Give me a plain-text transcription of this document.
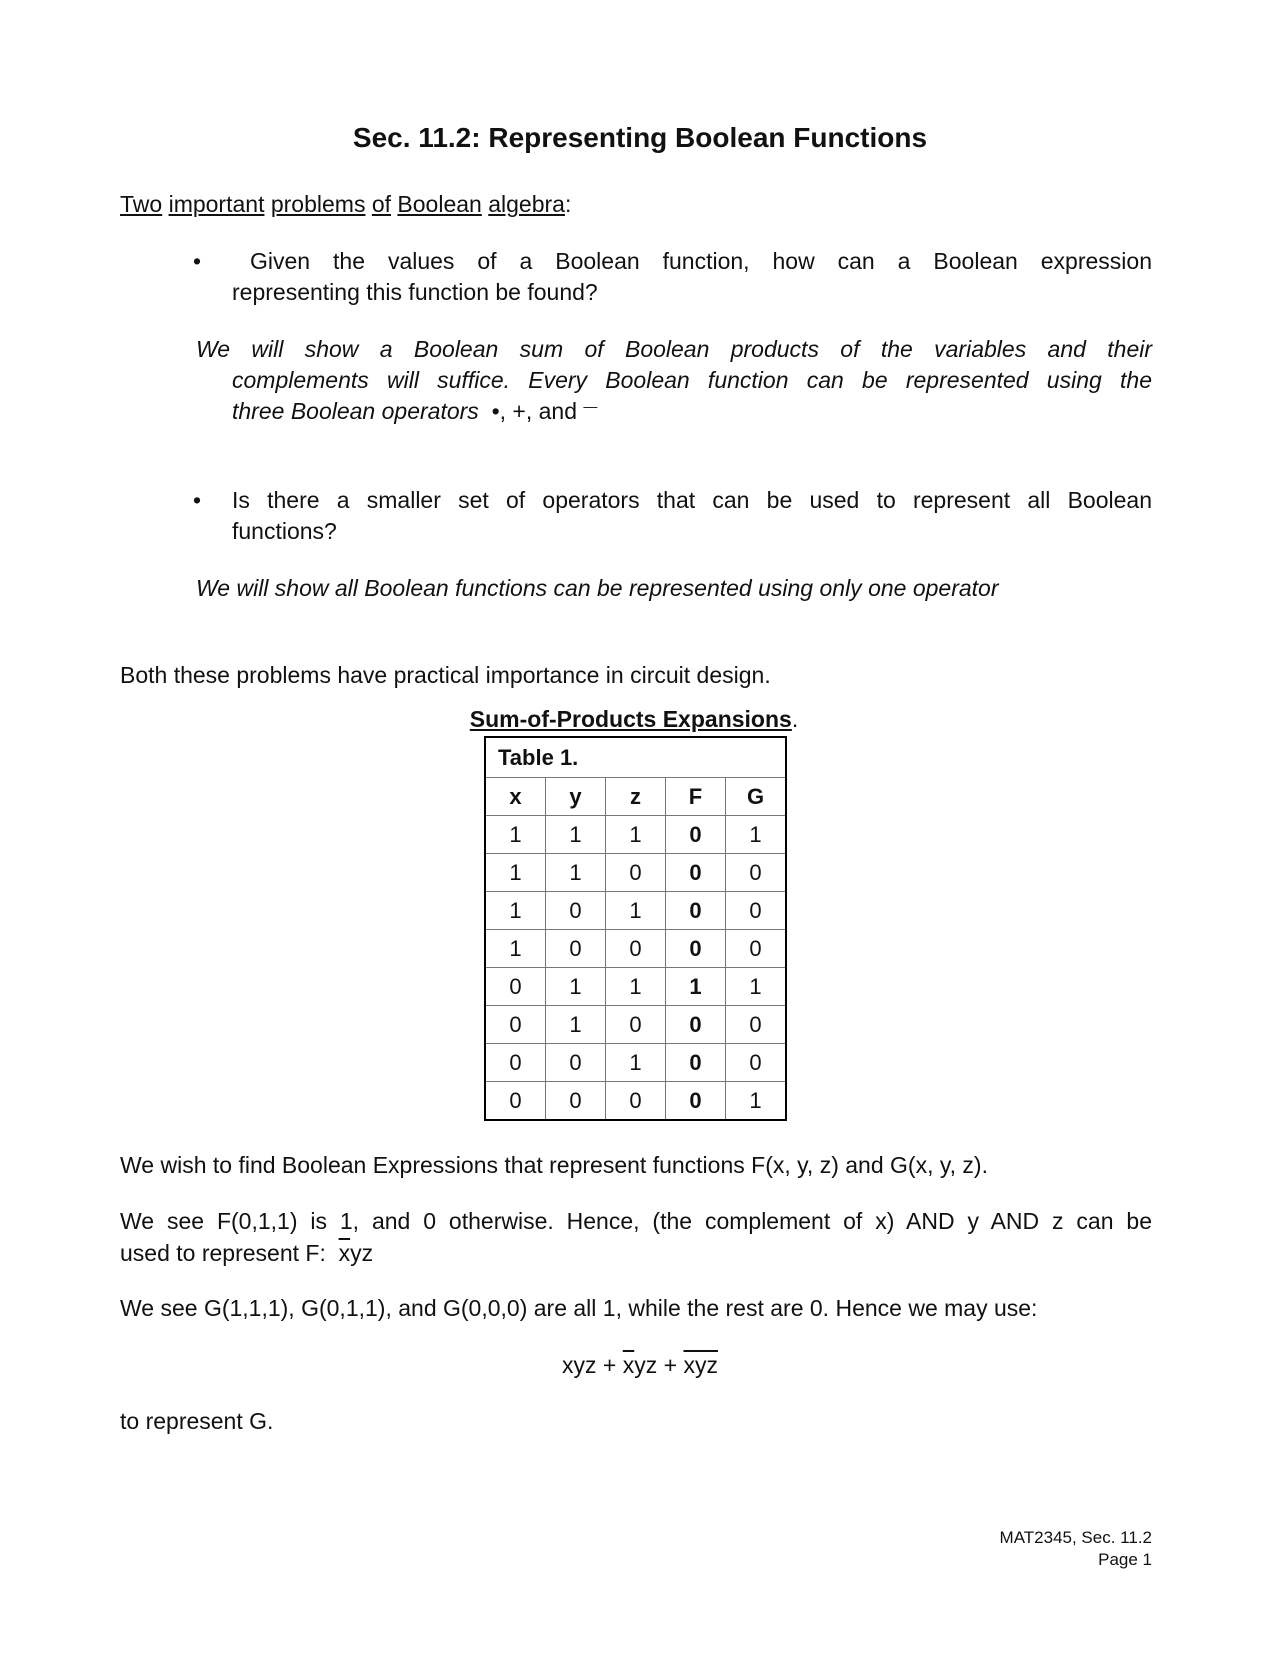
Sec. 11.2: Representing Boolean Functions
Two important problems of Boolean algebra:
• Given the values of a Boolean function, how can a Boolean expression
representing this function be found?
We will show a Boolean sum of Boolean products of the variables and their
complements will suffice. Every Boolean function can be represented using the
three Boolean operators •, +, and —
• Is there a smaller set of operators that can be used to represent all Boolean
functions?
We will show all Boolean functions can be represented using only one operator
Both these problems have practical importance in circuit design.
Sum-of-Products Expansions.
Table 1.				
x	y	z	F	G
1	1	1	0	1
1	1	0	0	0
1	0	1	0	0
1	0	0	0	0
0	1	1	1	1
0	1	0	0	0
0	0	1	0	0
0	0	0	0	1
We wish to find Boolean Expressions that represent functions F(x, y, z) and G(x, y, z).
We see F(0,1,1) is 1, and 0 otherwise. Hence, (the complement of x) AND y AND z can be
used to represent F: $\overline{x}yz$
We see G(1,1,1), G(0,1,1), and G(0,0,0) are all 1, while the rest are 0. Hence we may use:
xyz + $\overline{x}yz + \overline{xyz}$
to represent G.
MAT2345, Sec. 11.2
Page 1
